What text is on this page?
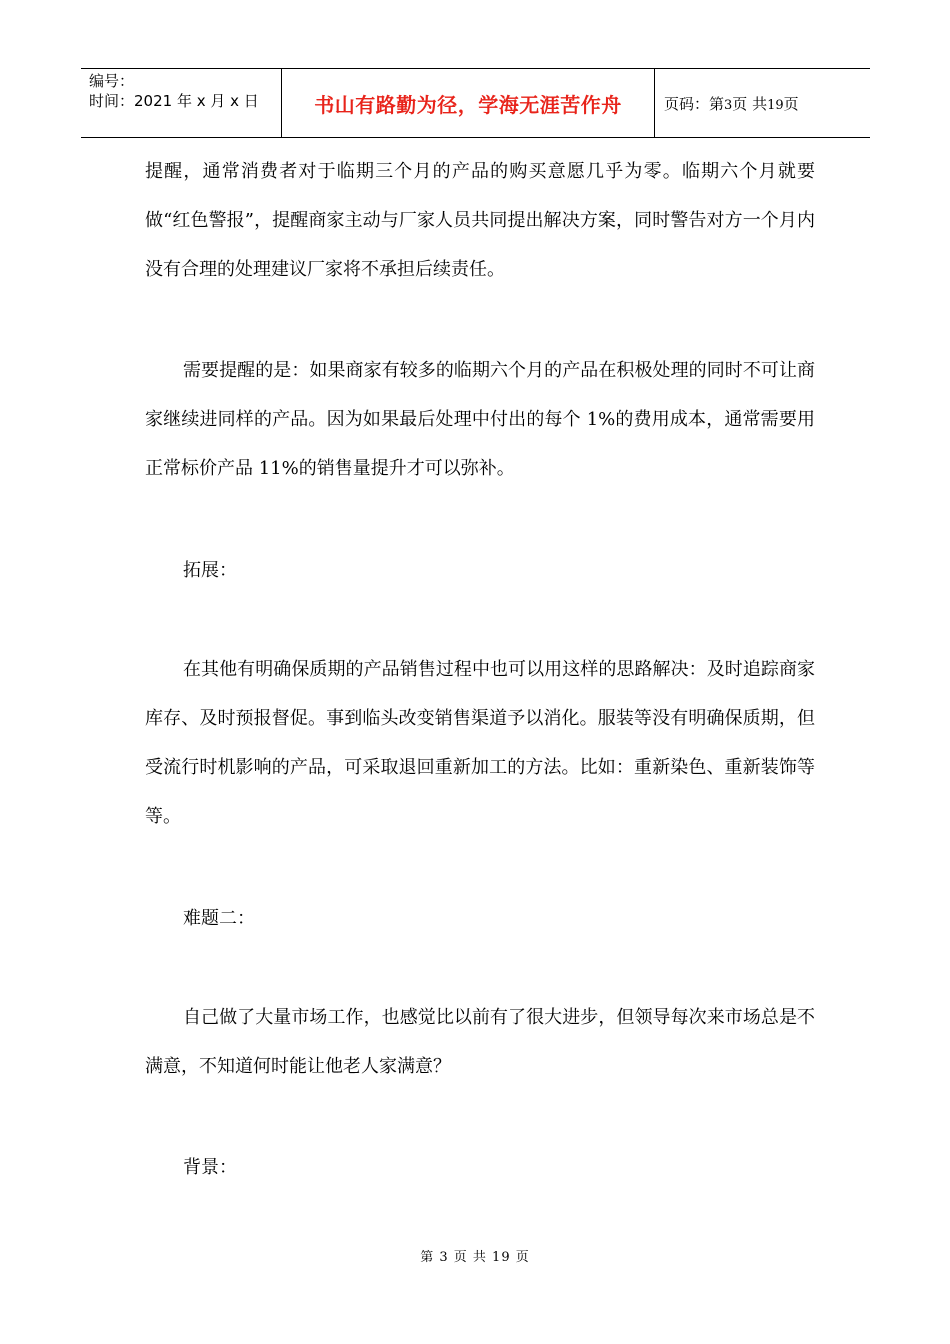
编号：
时间：2021 年 x 月 x 日	书山有路勤为径，学海无涯苦作舟	页码：第3页 共19页

提醒，通常消费者对于临期三个月的产品的购买意愿几乎为零。临期六个月就要做“红色警报”，提醒商家主动与厂家人员共同提出解决方案，同时警告对方一个月内没有合理的处理建议厂家将不承担后续责任。

需要提醒的是：如果商家有较多的临期六个月的产品在积极处理的同时不可让商家继续进同样的产品。因为如果最后处理中付出的每个 1%的费用成本，通常需要用正常标价产品 11%的销售量提升才可以弥补。

拓展：

在其他有明确保质期的产品销售过程中也可以用这样的思路解决：及时追踪商家库存、及时预报督促。事到临头改变销售渠道予以消化。服装等没有明确保质期，但受流行时机影响的产品，可采取退回重新加工的方法。比如：重新染色、重新装饰等等。

难题二：

自己做了大量市场工作，也感觉比以前有了很大进步，但领导每次来市场总是不满意，不知道何时能让他老人家满意？

背景：

第 3 页 共 19 页
